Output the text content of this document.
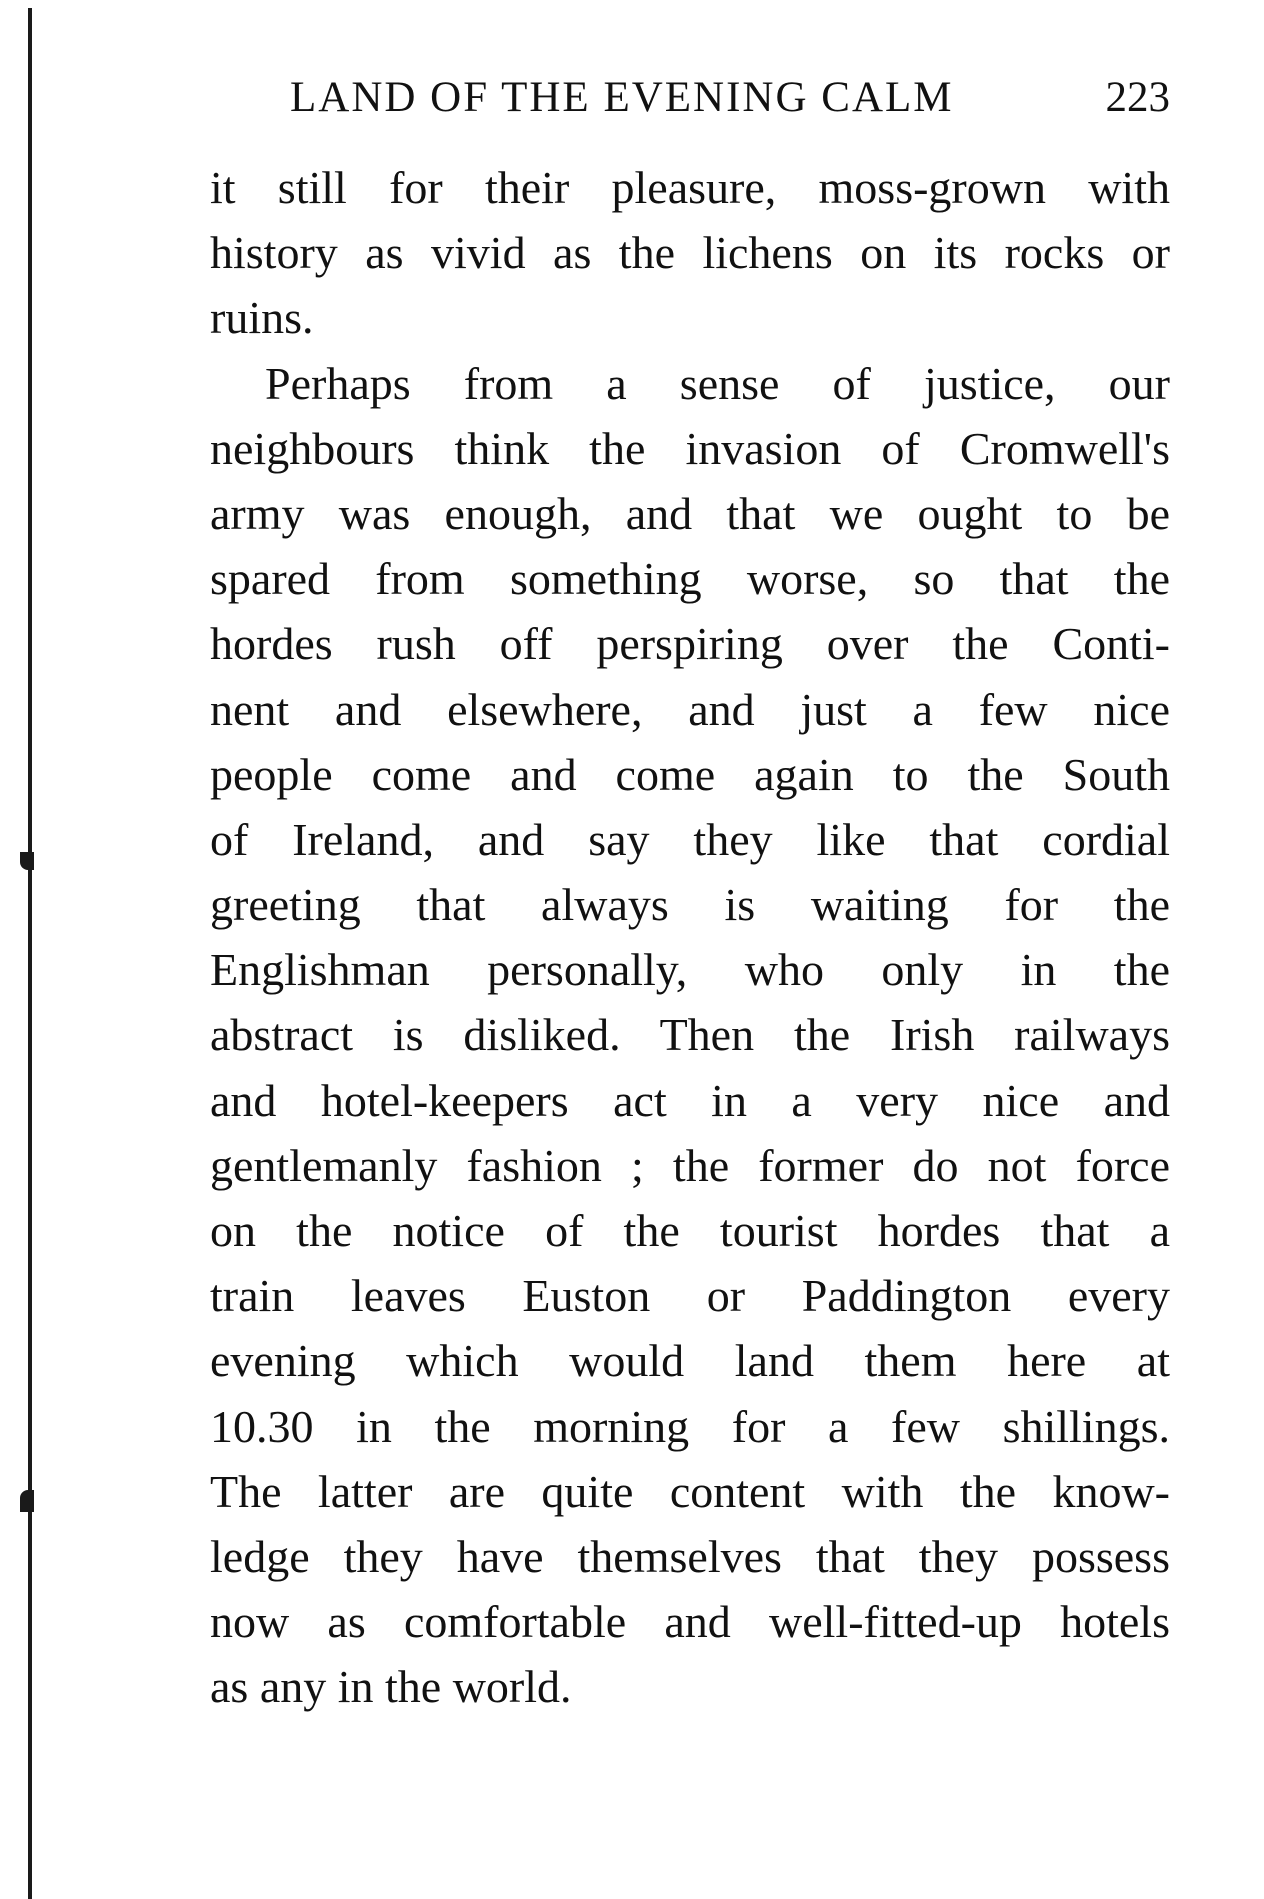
LAND OF THE EVENING CALM	223
it still for their pleasure, moss-grown with
history as vivid as the lichens on its rocks or
ruins.
Perhaps from a sense of justice, our
neighbours think the invasion of Cromwell's
army was enough, and that we ought to be
spared from something worse, so that the
hordes rush off perspiring over the Conti-
nent and elsewhere, and just a few nice
people come and come again to the South
of Ireland, and say they like that cordial
greeting that always is waiting for the
Englishman personally, who only in the
abstract is disliked. Then the Irish railways
and hotel-keepers act in a very nice and
gentlemanly fashion ; the former do not force
on the notice of the tourist hordes that a
train leaves Euston or Paddington every
evening which would land them here at
10.30 in the morning for a few shillings.
The latter are quite content with the know-
ledge they have themselves that they possess
now as comfortable and well-fitted-up hotels
as any in the world.
